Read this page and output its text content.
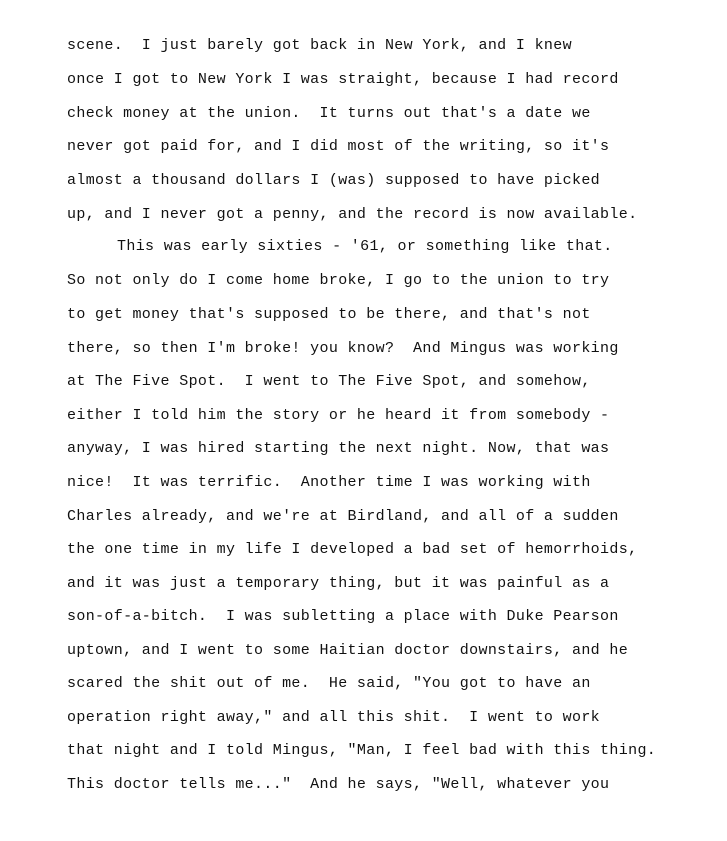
scene.  I just barely got back in New York, and I knew
once I got to New York I was straight, because I had record
check money at the union.  It turns out that's a date we
never got paid for, and I did most of the writing, so it's
almost a thousand dollars I (was) supposed to have picked
up, and I never got a penny, and the record is now available.
This was early sixties - '61, or something like that.
So not only do I come home broke, I go to the union to try
to get money that's supposed to be there, and that's not
there, so then I'm broke! you know?  And Mingus was working
at The Five Spot.  I went to The Five Spot, and somehow,
either I told him the story or he heard it from somebody -
anyway, I was hired starting the next night. Now, that was
nice!  It was terrific.  Another time I was working with
Charles already, and we're at Birdland, and all of a sudden
the one time in my life I developed a bad set of hemorrhoids,
and it was just a temporary thing, but it was painful as a
son-of-a-bitch.  I was subletting a place with Duke Pearson
uptown, and I went to some Haitian doctor downstairs, and he
scared the shit out of me.  He said, "You got to have an
operation right away," and all this shit.  I went to work
that night and I told Mingus, "Man, I feel bad with this thing.
This doctor tells me..."  And he says, "Well, whatever you
